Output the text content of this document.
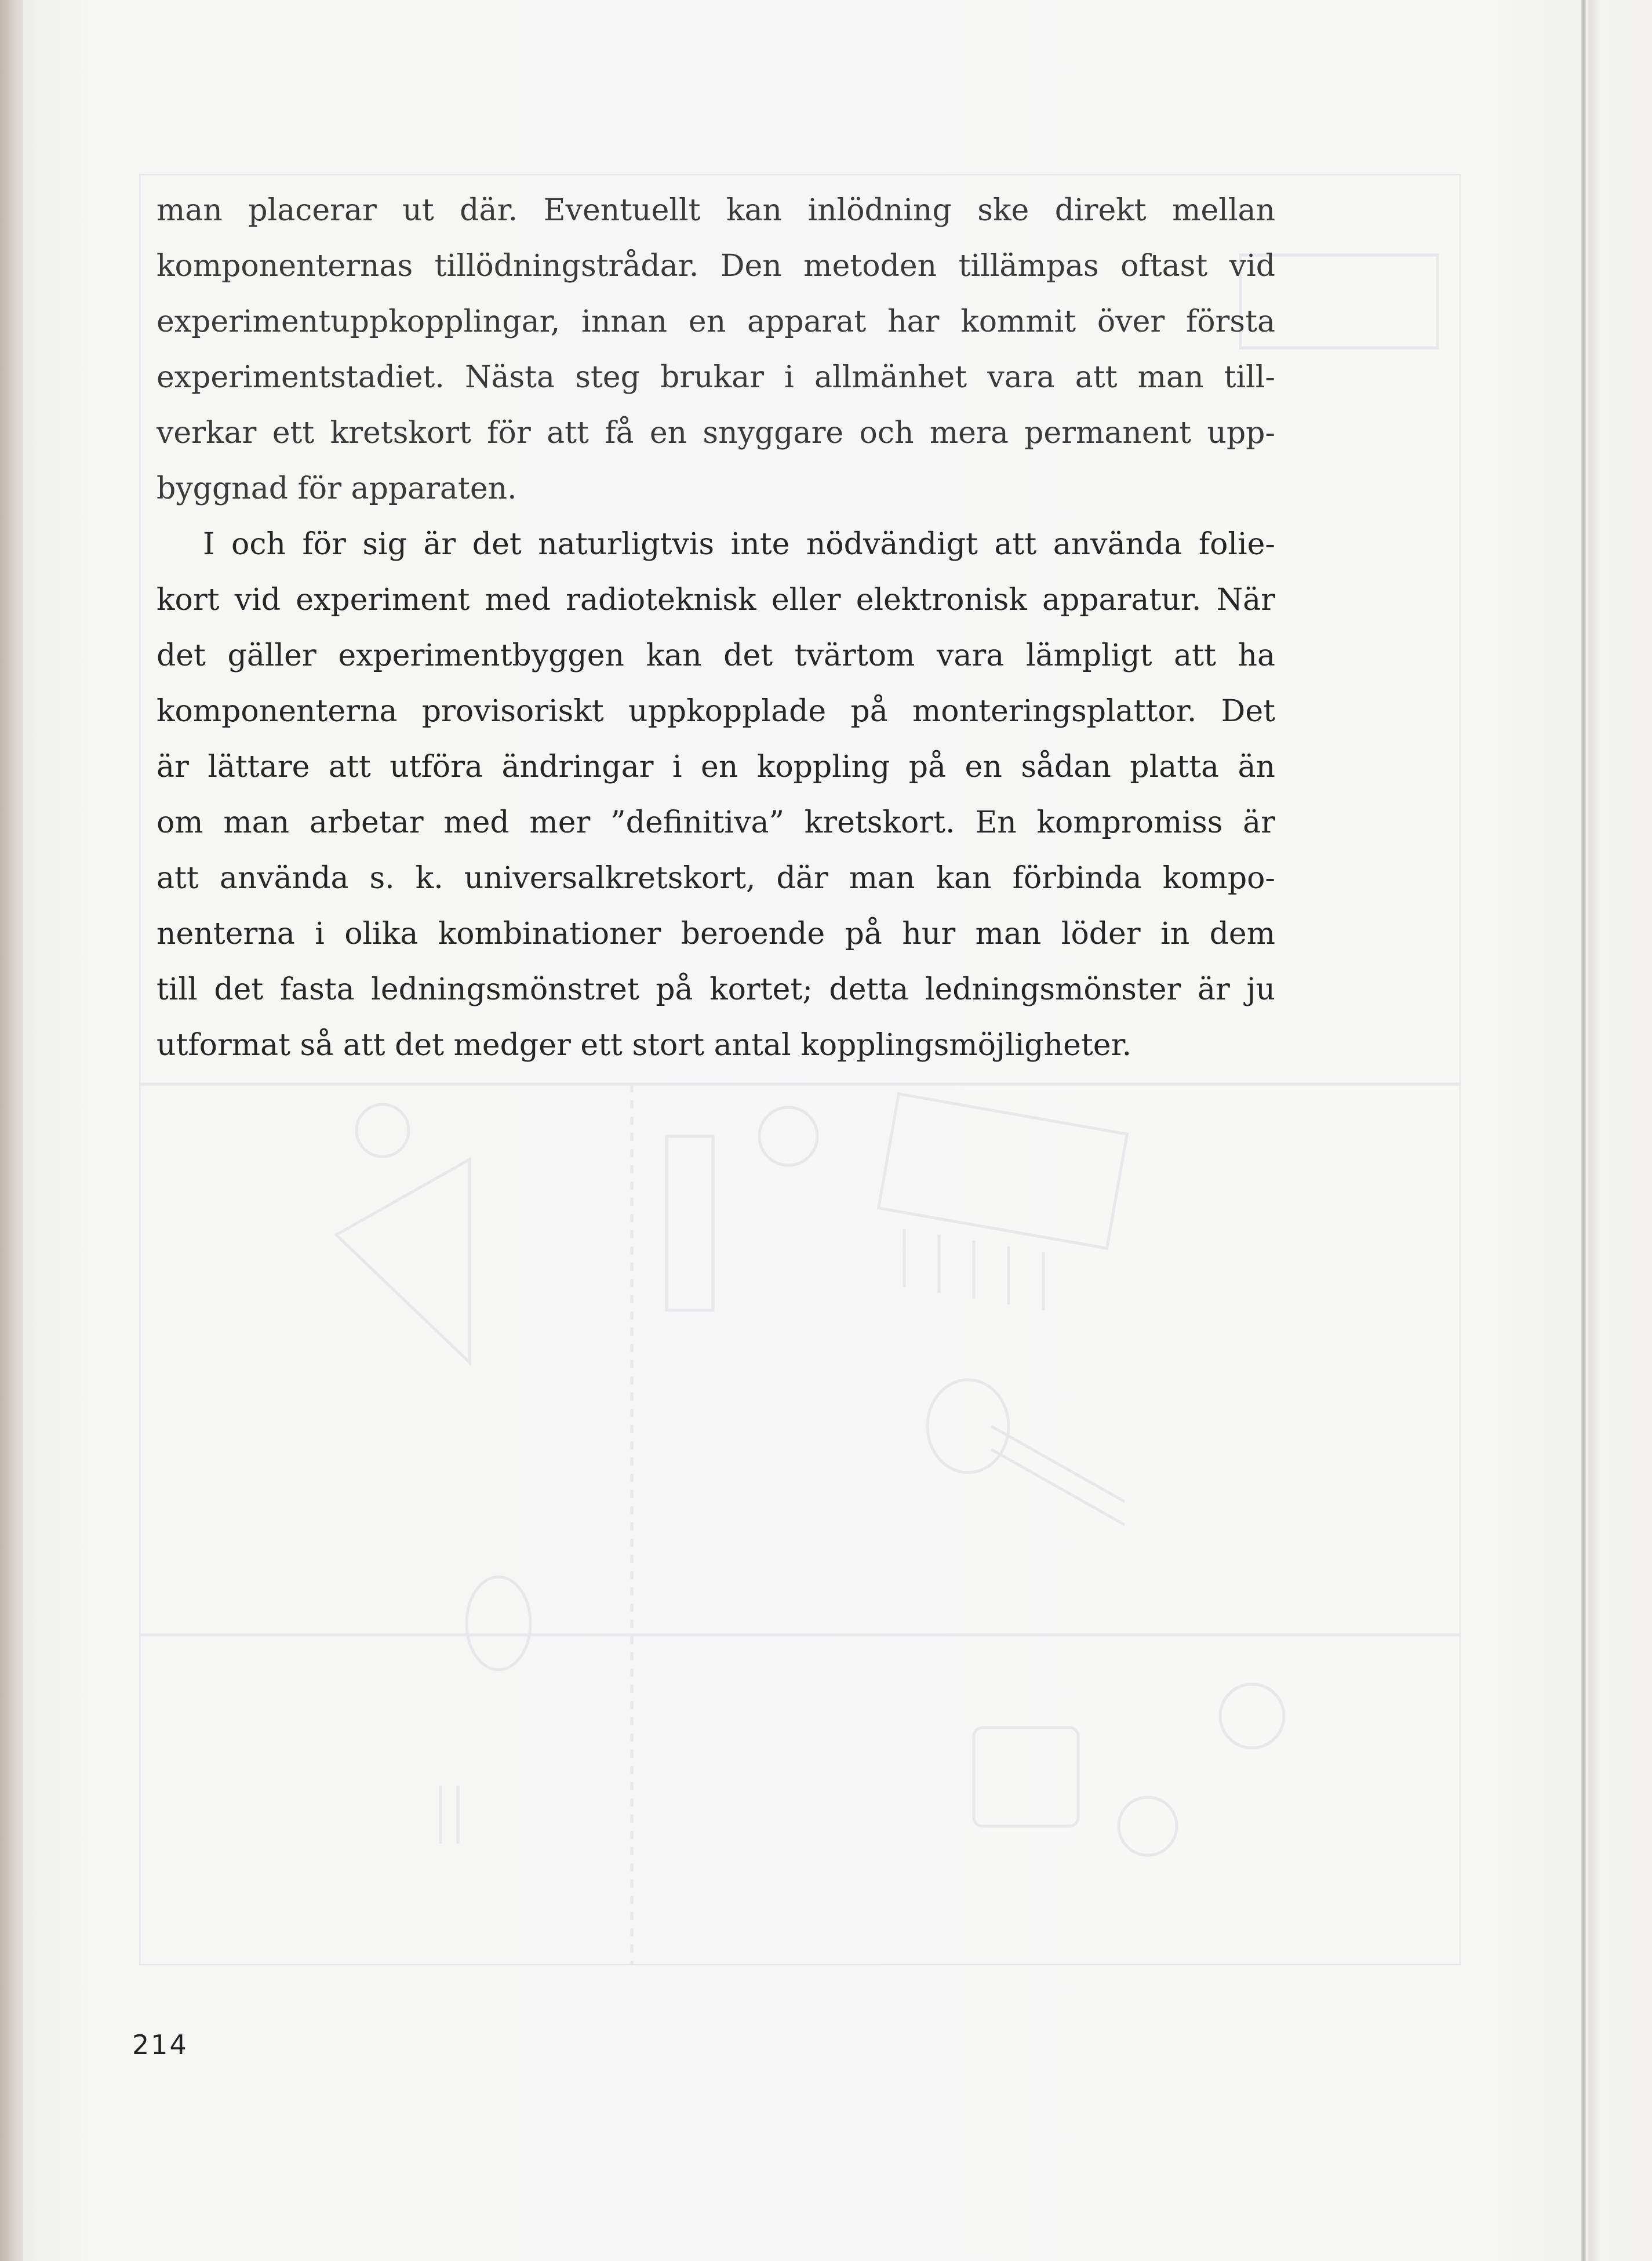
man placerar ut där. Eventuellt kan inlödning ske direkt mellan
komponenternas tillödningstrådar. Den metoden tillämpas oftast vid
experimentuppkopplingar, innan en apparat har kommit över första
experimentstadiet. Nästa steg brukar i allmänhet vara att man till-
verkar ett kretskort för att få en snyggare och mera permanent upp-
byggnad för apparaten.

I och för sig är det naturligtvis inte nödvändigt att använda folie-
kort vid experiment med radioteknisk eller elektronisk apparatur. När
det gäller experimentbyggen kan det tvärtom vara lämpligt att ha
komponenterna provisoriskt uppkopplade på monteringsplattor. Det
är lättare att utföra ändringar i en koppling på en sådan platta än
om man arbetar med mer ”definitiva” kretskort. En kompromiss är
att använda s. k. universalkretskort, där man kan förbinda kompo-
nenterna i olika kombinationer beroende på hur man löder in dem
till det fasta ledningsmönstret på kortet; detta ledningsmönster är ju
utformat så att det medger ett stort antal kopplingsmöjligheter.

214
